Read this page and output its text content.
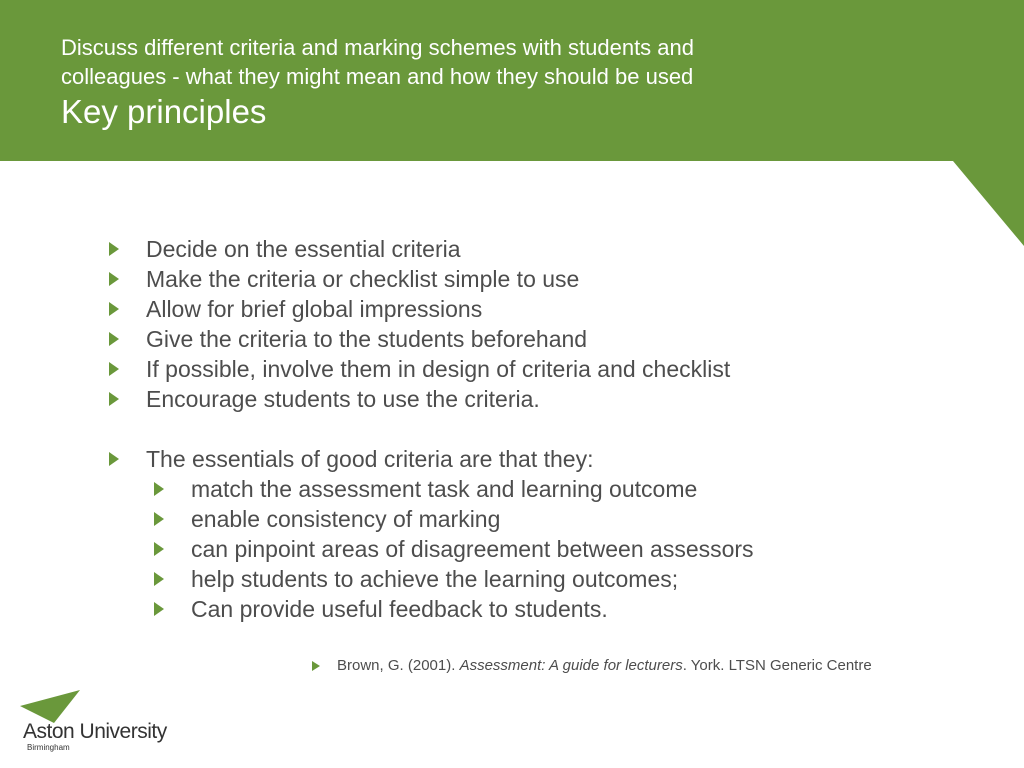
Discuss different criteria and marking schemes with students and
colleagues - what they might mean and how they should be used

Key principles
Decide on the essential criteria
Make the criteria or checklist simple to use
Allow for brief global impressions
Give the criteria to the students beforehand
If possible, involve them in design of criteria and checklist
Encourage students to use the criteria.
The essentials of good criteria are that they:
match the assessment task and learning outcome
enable consistency of marking
can pinpoint areas of disagreement between assessors
help students to achieve the learning outcomes;
Can provide useful feedback to students.
Brown, G. (2001). Assessment: A guide for lecturers. York. LTSN Generic Centre
Aston University
Birmingham
